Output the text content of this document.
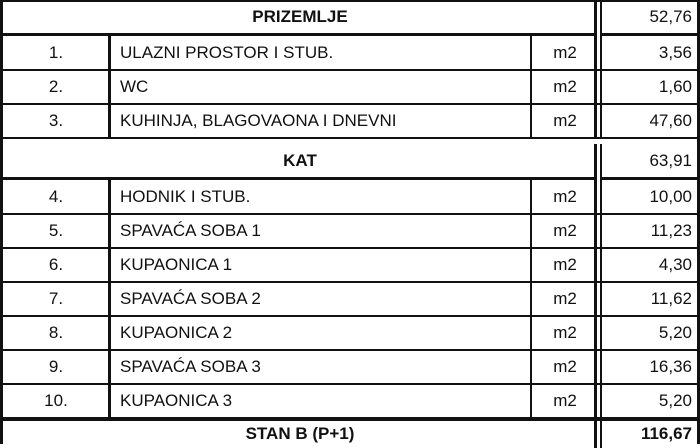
PRIZEMLJE	52,76
1.	ULAZNI PROSTOR I STUB.	m2	3,56
2.	WC	m2	1,60
3.	KUHINJA, BLAGOVAONA I DNEVNI	m2	47,60
KAT	63,91
4.	HODNIK I STUB.	m2	10,00
5.	SPAVAĆA SOBA 1	m2	11,23
6.	KUPAONICA 1	m2	4,30
7.	SPAVAĆA SOBA 2	m2	11,62
8.	KUPAONICA 2	m2	5,20
9.	SPAVAĆA SOBA 3	m2	16,36
10.	KUPAONICA 3	m2	5,20
STAN B (P+1)	116,67
